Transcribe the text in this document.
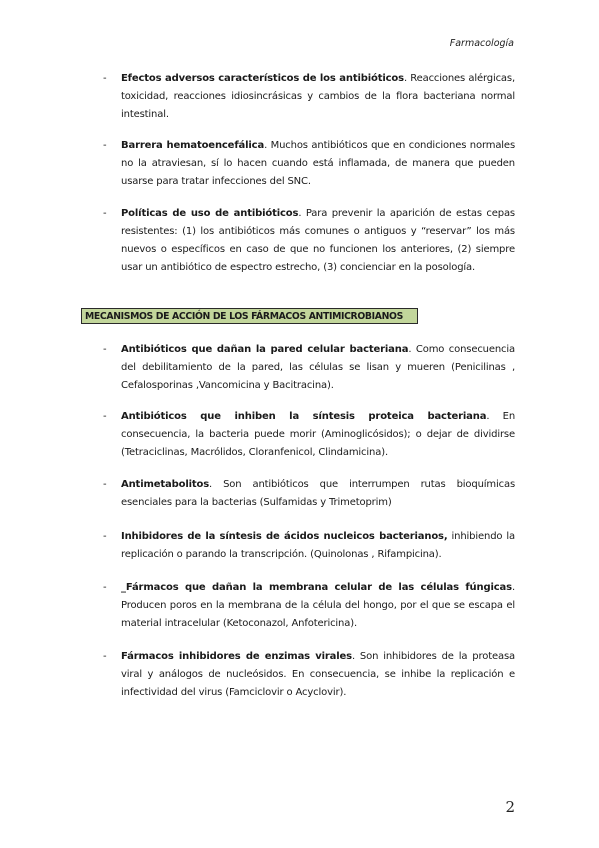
Farmacología
- Efectos adversos característicos de los antibióticos. Reacciones alérgicas, toxicidad, reacciones idiosincrásicas y cambios de la flora bacteriana normal intestinal.
- Barrera hematoencefálica. Muchos antibióticos que en condiciones normales no la atraviesan, sí lo hacen cuando está inflamada, de manera que pueden usarse para tratar infecciones del SNC.
- Políticas de uso de antibióticos. Para prevenir la aparición de estas cepas resistentes: (1) los antibióticos más comunes o antiguos y “reservar” los más nuevos o específicos en caso de que no funcionen los anteriores, (2) siempre usar un antibiótico de espectro estrecho, (3) concienciar en la posología.
MECANISMOS DE ACCIÓN DE LOS FÁRMACOS ANTIMICROBIANOS
- Antibióticos que dañan la pared celular bacteriana. Como consecuencia del debilitamiento de la pared, las células se lisan y mueren (Penicilinas , Cefalosporinas ,Vancomicina y Bacitracina).
- Antibióticos que inhiben la síntesis proteica bacteriana. En consecuencia, la bacteria puede morir (Aminoglicósidos); o dejar de dividirse (Tetraciclinas, Macrólidos, Cloranfenicol, Clindamicina).
- Antimetabolitos. Son antibióticos que interrumpen rutas bioquímicas esenciales para la bacterias (Sulfamidas y Trimetoprim)
- Inhibidores de la síntesis de ácidos nucleicos bacterianos, inhibiendo la replicación o parando la transcripción. (Quinolonas , Rifampicina).
- _Fármacos que dañan la membrana celular de las células fúngicas. Producen poros en la membrana de la célula del hongo, por el que se escapa el material intracelular (Ketoconazol, Anfotericina).
- Fármacos inhibidores de enzimas virales. Son inhibidores de la proteasa viral y análogos de nucleósidos. En consecuencia, se inhibe la replicación e infectividad del virus (Famciclovir o Acyclovir).
2
